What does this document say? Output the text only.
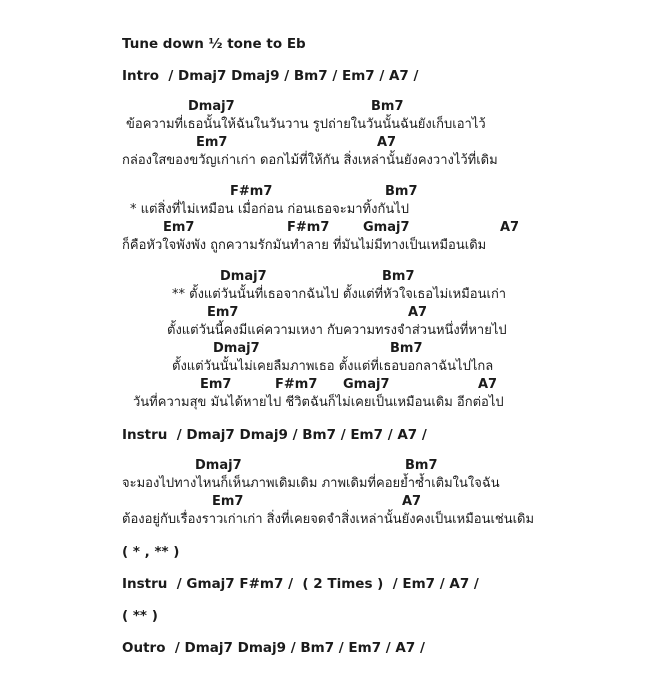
Tune down ½ tone to Eb
Intro  / Dmaj7 Dmaj9 / Bm7 / Em7 / A7 /
Dmaj7	Bm7
ข้อความที่เธอนั้นให้ฉันในวันวาน รูปถ่ายในวันนั้นฉันยังเก็บเอาไว้
Em7	A7
กล่องใสของขวัญเก่าเก่า ดอกไม้ที่ให้กัน สิ่งเหล่านั้นยังคงวางไว้ที่เดิม
F#m7	Bm7
* แต่สิ่งที่ไม่เหมือน เมื่อก่อน ก่อนเธอจะมาทิ้งกันไป
Em7	F#m7	Gmaj7	A7
ก็คือหัวใจพังพัง ถูกความรักมันทำลาย ที่มันไม่มีทางเป็นเหมือนเดิม
Dmaj7	Bm7
** ตั้งแต่วันนั้นที่เธอจากฉันไป ตั้งแต่ที่หัวใจเธอไม่เหมือนเก่า
Em7	A7
ตั้งแต่วันนี้คงมีแค่ความเหงา กับความทรงจำส่วนหนึ่งที่หายไป
Dmaj7	Bm7
ตั้งแต่วันนั้นไม่เคยลืมภาพเธอ ตั้งแต่ที่เธอบอกลาฉันไปไกล
Em7	F#m7 Gmaj7	A7
วันที่ความสุข มันได้หายไป ชีวิตฉันก็ไม่เคยเป็นเหมือนเดิม อีกต่อไป
Instru  / Dmaj7 Dmaj9 / Bm7 / Em7 / A7 /
Dmaj7	Bm7
จะมองไปทางไหนก็เห็นภาพเดิมเดิม ภาพเดิมที่คอยย้ำซ้ำเติมในใจฉัน
Em7	A7
ต้องอยู่กับเรื่องราวเก่าเก่า สิ่งที่เคยจดจำสิ่งเหล่านั้นยังคงเป็นเหมือนเช่นเดิม
( * , ** )
Instru  / Gmaj7 F#m7 /  ( 2 Times )  / Em7 / A7 /
( ** )
Outro  / Dmaj7 Dmaj9 / Bm7 / Em7 / A7 /
